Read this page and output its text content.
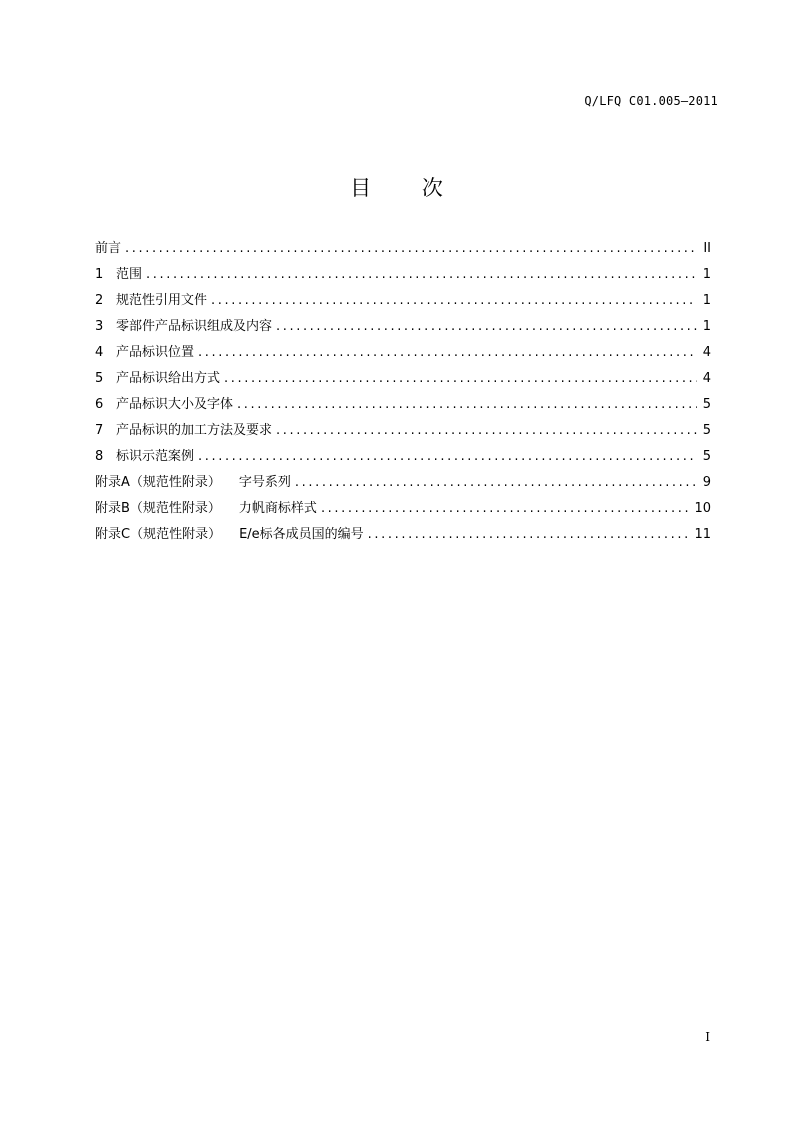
Q/LFQ C01.005—2011
目 次
前言 .....	II
1 范围 .....	1
2 规范性引用文件 .....	1
3 零部件产品标识组成及内容 .....	1
4 产品标识位置 .....	4
5 产品标识给出方式 .....	4
6 产品标识大小及字体 .....	5
7 产品标识的加工方法及要求 .....	5
8 标识示范案例 .....	5
附录A（规范性附录） 字号系列 .....	9
附录B（规范性附录） 力帆商标样式 .....	10
附录C（规范性附录） E/e标各成员国的编号 .....	11
I
